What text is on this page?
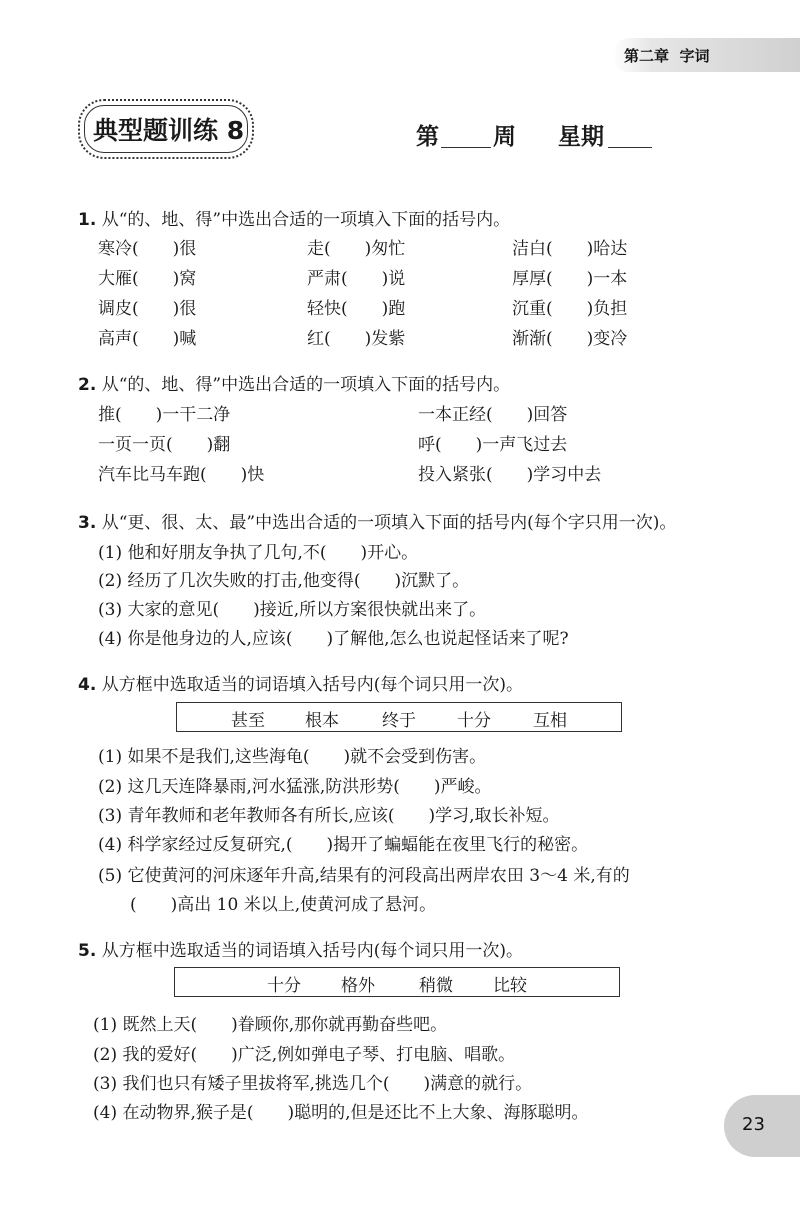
第二章  字词
典型题训练 8	第 周 星期
1. 从“的、地、得”中选出合适的一项填入下面的括号内。
寒冷(　　)很	走(　　)匆忙	洁白(　　)哈达
大雁(　　)窝	严肃(　　)说	厚厚(　　)一本
调皮(　　)很	轻快(　　)跑	沉重(　　)负担
高声(　　)喊	红(　　)发紫	渐渐(　　)变冷
2. 从“的、地、得”中选出合适的一项填入下面的括号内。
推(　　)一干二净	一本正经(　　)回答
一页一页(　　)翻	呼(　　)一声飞过去
汽车比马车跑(　　)快	投入紧张(　　)学习中去
3. 从“更、很、太、最”中选出合适的一项填入下面的括号内(每个字只用一次)。
(1) 他和好朋友争执了几句,不(　　)开心。
(2) 经历了几次失败的打击,他变得(　　)沉默了。
(3) 大家的意见(　　)接近,所以方案很快就出来了。
(4) 你是他身边的人,应该(　　)了解他,怎么也说起怪话来了呢?
4. 从方框中选取适当的词语填入括号内(每个词只用一次)。
甚至 根本	终于 十分 互相
(1) 如果不是我们,这些海龟(　　)就不会受到伤害。
(2) 这几天连降暴雨,河水猛涨,防洪形势(　　)严峻。
(3) 青年教师和老年教师各有所长,应该(　　)学习,取长补短。
(4) 科学家经过反复研究,(　　)揭开了蝙蝠能在夜里飞行的秘密。
(5) 它使黄河的河床逐年升高,结果有的河段高出两岸农田 3～4 米,有的
(　　)高出 10 米以上,使黄河成了悬河。
5. 从方框中选取适当的词语填入括号内(每个词只用一次)。
十分 格外	稍微 比较
(1) 既然上天(　　)眷顾你,那你就再勤奋些吧。
(2) 我的爱好(　　)广泛,例如弹电子琴、打电脑、唱歌。
(3) 我们也只有矮子里拔将军,挑选几个(　　)满意的就行。
(4) 在动物界,猴子是(　　)聪明的,但是还比不上大象、海豚聪明。
23
